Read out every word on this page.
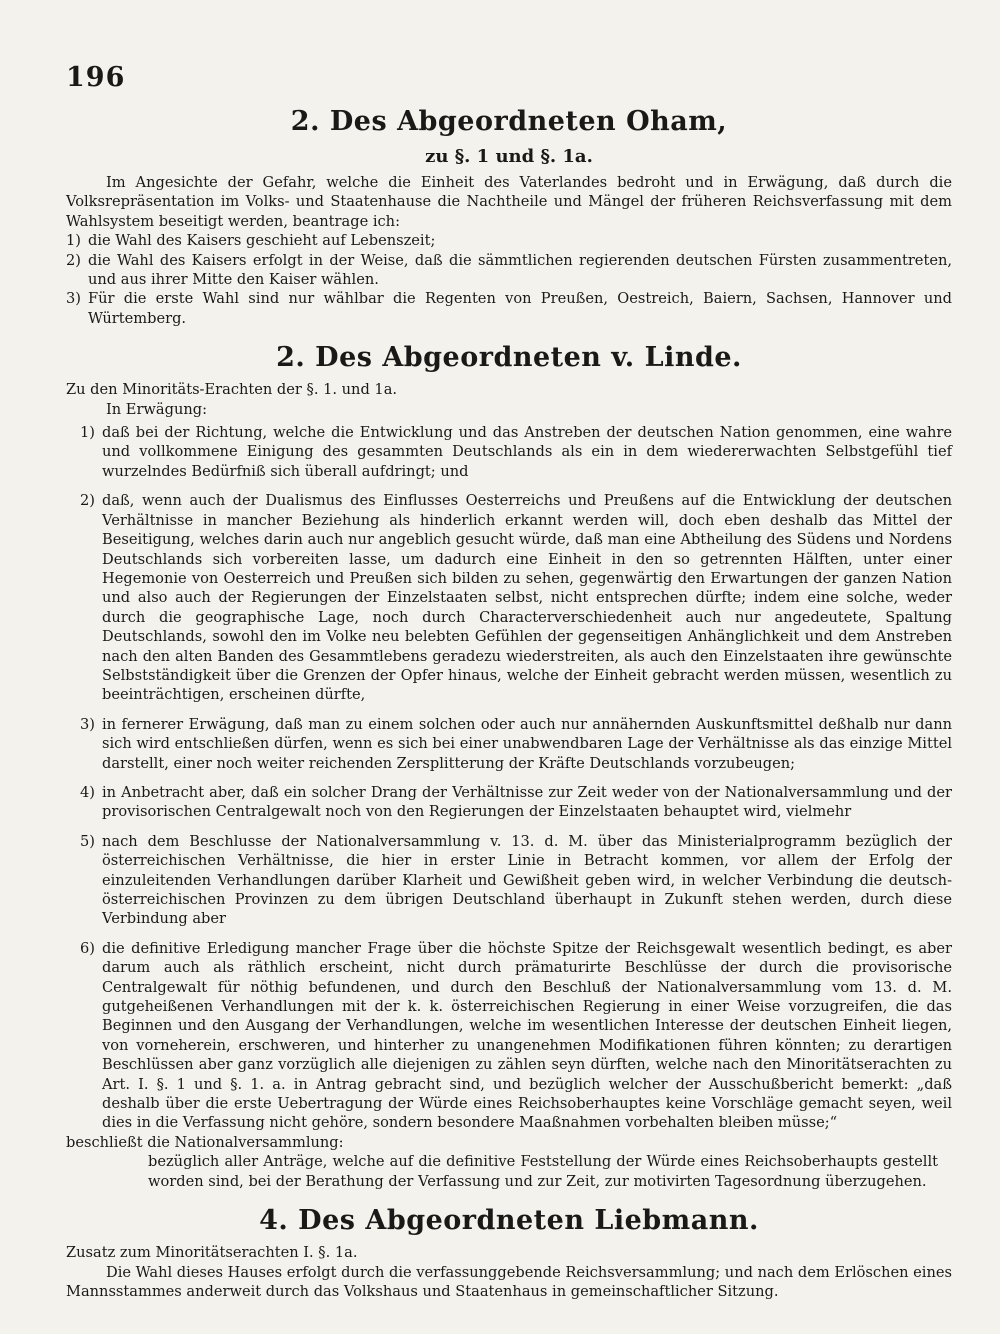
196
2. Des Abgeordneten Oham,
zu §. 1 und §. 1a.

Im Angesichte der Gefahr, welche die Einheit des Vaterlandes bedroht und in Erwägung, daß durch die Volksrepräsentation im Volks- und Staatenhause die Nachtheile und Mängel der früheren Reichsverfassung mit dem Wahlsystem beseitigt werden, beantrage ich:

1) die Wahl des Kaisers geschieht auf Lebenszeit;
2) die Wahl des Kaisers erfolgt in der Weise, daß die sämmtlichen regierenden deutschen Fürsten zusammentreten, und aus ihrer Mitte den Kaiser wählen.
3) Für die erste Wahl sind nur wählbar die Regenten von Preußen, Oestreich, Baiern, Sachsen, Hannover und Würtemberg.
2. Des Abgeordneten v. Linde.

Zu den Minoritäts-Erachten der §. 1. und 1a.

In Erwägung:

1) daß bei der Richtung, welche die Entwicklung und das Anstreben der deutschen Nation genommen, eine wahre und vollkommene Einigung des gesammten Deutschlands als ein in dem wiedererwachten Selbstgefühl tief wurzelndes Bedürfniß sich überall aufdringt; und
2) daß, wenn auch der Dualismus des Einflusses Oesterreichs und Preußens auf die Entwicklung der deutschen Verhältnisse in mancher Beziehung als hinderlich erkannt werden will, doch eben deshalb das Mittel der Beseitigung, welches darin auch nur angeblich gesucht würde, daß man eine Abtheilung des Südens und Nordens Deutschlands sich vorbereiten lasse, um dadurch eine Einheit in den so getrennten Hälften, unter einer Hegemonie von Oesterreich und Preußen sich bilden zu sehen, gegenwärtig den Erwartungen der ganzen Nation und also auch der Regierungen der Einzelstaaten selbst, nicht entsprechen dürfte; indem eine solche, weder durch die geographische Lage, noch durch Characterverschiedenheit auch nur angedeutete, Spaltung Deutschlands, sowohl den im Volke neu belebten Gefühlen der gegenseitigen Anhänglichkeit und dem Anstreben nach den alten Banden des Gesammtlebens geradezu wiederstreiten, als auch den Einzelstaaten ihre gewünschte Selbstständigkeit über die Grenzen der Opfer hinaus, welche der Einheit gebracht werden müssen, wesentlich zu beeinträchtigen, erscheinen dürfte,
3) in fernerer Erwägung, daß man zu einem solchen oder auch nur annähernden Auskunftsmittel deßhalb nur dann sich wird entschließen dürfen, wenn es sich bei einer unabwendbaren Lage der Verhältnisse als das einzige Mittel darstellt, einer noch weiter reichenden Zersplitterung der Kräfte Deutschlands vorzubeugen;
4) in Anbetracht aber, daß ein solcher Drang der Verhältnisse zur Zeit weder von der Nationalversammlung und der provisorischen Centralgewalt noch von den Regierungen der Einzelstaaten behauptet wird, vielmehr
5) nach dem Beschlusse der Nationalversammlung v. 13. d. M. über das Ministerialprogramm bezüglich der österreichischen Verhältnisse, die hier in erster Linie in Betracht kommen, vor allem der Erfolg der einzuleitenden Verhandlungen darüber Klarheit und Gewißheit geben wird, in welcher Verbindung die deutsch-österreichischen Provinzen zu dem übrigen Deutschland überhaupt in Zukunft stehen werden, durch diese Verbindung aber
6) die definitive Erledigung mancher Frage über die höchste Spitze der Reichsgewalt wesentlich bedingt, es aber darum auch als räthlich erscheint, nicht durch prämaturirte Beschlüsse der durch die provisorische Centralgewalt für nöthig befundenen, und durch den Beschluß der Nationalversammlung vom 13. d. M. gutgeheißenen Verhandlungen mit der k. k. österreichischen Regierung in einer Weise vorzugreifen, die das Beginnen und den Ausgang der Verhandlungen, welche im wesentlichen Interesse der deutschen Einheit liegen, von vorneherein, erschweren, und hinterher zu unangenehmen Modifikationen führen könnten; zu derartigen Beschlüssen aber ganz vorzüglich alle diejenigen zu zählen seyn dürften, welche nach den Minoritätserachten zu Art. I. §. 1 und §. 1. a. in Antrag gebracht sind, und bezüglich welcher der Ausschußbericht bemerkt: „daß deshalb über die erste Uebertragung der Würde eines Reichsoberhauptes keine Vorschläge gemacht seyen, weil dies in die Verfassung nicht gehöre, sondern besondere Maaßnahmen vorbehalten bleiben müsse;“

beschließt die Nationalversammlung:

bezüglich aller Anträge, welche auf die definitive Feststellung der Würde eines Reichsoberhaupts gestellt worden sind, bei der Berathung der Verfassung und zur Zeit, zur motivirten Tagesordnung überzugehen.

4. Des Abgeordneten Liebmann.

Zusatz zum Minoritätserachten I. §. 1a.

Die Wahl dieses Hauses erfolgt durch die verfassunggebende Reichsversammlung; und nach dem Erlöschen eines Mannsstammes anderweit durch das Volkshaus und Staatenhaus in gemeinschaftlicher Sitzung.
